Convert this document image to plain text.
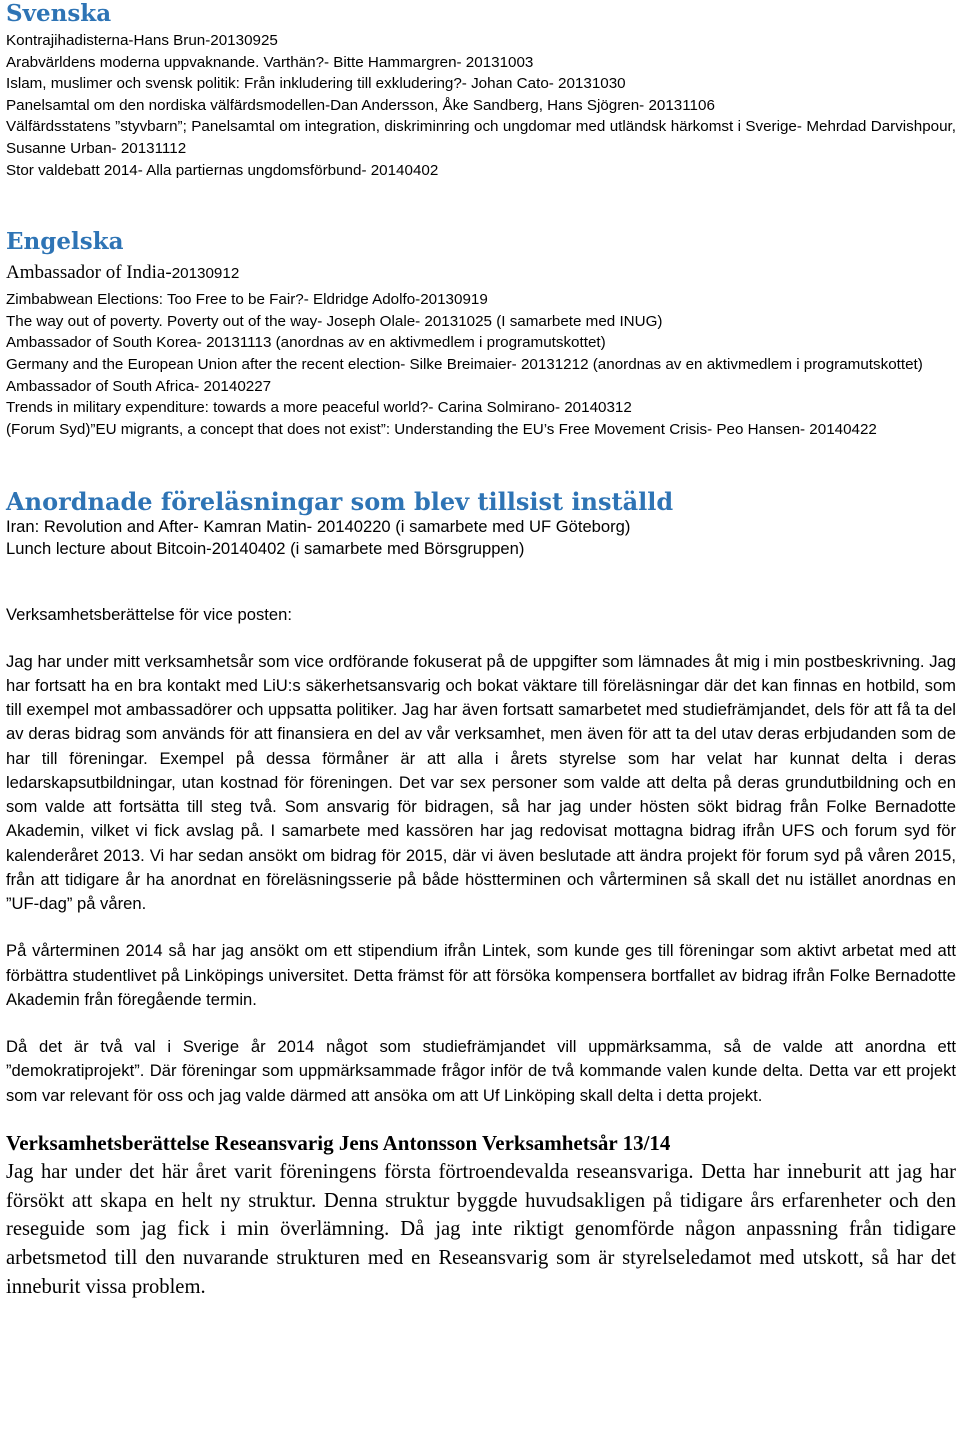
Svenska

Kontrajihadisterna-Hans Brun-20130925

Arabvärldens moderna uppvaknande. Varthän?- Bitte Hammargren- 20131003

Islam, muslimer och svensk politik: Från inkludering till exkludering?- Johan Cato- 20131030

Panelsamtal om den nordiska välfärdsmodellen-Dan Andersson, Åke Sandberg, Hans Sjögren- 20131106

Välfärdsstatens ”styvbarn”; Panelsamtal om integration, diskriminring och ungdomar med utländsk härkomst i Sverige- Mehrdad Darvishpour, Susanne Urban- 20131112

Stor valdebatt 2014- Alla partiernas ungdomsförbund- 20140402

Engelska

Ambassador of India-20130912

Zimbabwean Elections: Too Free to be Fair?- Eldridge Adolfo-20130919

The way out of poverty. Poverty out of the way- Joseph Olale- 20131025 (I samarbete med INUG)

Ambassador of South Korea- 20131113 (anordnas av en aktivmedlem i programutskottet)

Germany and the European Union after the recent election- Silke Breimaier- 20131212 (anordnas av en aktivmedlem i programutskottet)

Ambassador of South Africa- 20140227

Trends in military expenditure: towards a more peaceful world?- Carina Solmirano- 20140312

(Forum Syd)”EU migrants, a concept that does not exist”: Understanding the EU’s Free Movement Crisis- Peo Hansen- 20140422

Anordnade föreläsningar som blev tillsist inställd

Iran: Revolution and After- Kamran Matin- 20140220 (i samarbete med UF Göteborg)

Lunch lecture about Bitcoin-20140402 (i samarbete med Börsgruppen)

Verksamhetsberättelse för vice posten:

Jag har under mitt verksamhetsår som vice ordförande fokuserat på de uppgifter som lämnades åt mig i min postbeskrivning. Jag har fortsatt ha en bra kontakt med LiU:s säkerhetsansvarig och bokat väktare till föreläsningar där det kan finnas en hotbild, som till exempel mot ambassadörer och uppsatta politiker. Jag har även fortsatt samarbetet med studiefrämjandet, dels för att få ta del av deras bidrag som används för att finansiera en del av vår verksamhet, men även för att ta del utav deras erbjudanden som de har till föreningar. Exempel på dessa förmåner är att alla i årets styrelse som har velat har kunnat delta i deras ledarskapsutbildningar, utan kostnad för föreningen. Det var sex personer som valde att delta på deras grundutbildning och en som valde att fortsätta till steg två. Som ansvarig för bidragen, så har jag under hösten sökt bidrag från Folke Bernadotte Akademin, vilket vi fick avslag på. I samarbete med kassören har jag redovisat mottagna bidrag ifrån UFS och forum syd för kalenderåret 2013. Vi har sedan ansökt om bidrag för 2015, där vi även beslutade att ändra projekt för forum syd på våren 2015, från att tidigare år ha anordnat en föreläsningsserie på både höstterminen och vårterminen så skall det nu istället anordnas en ”UF-dag” på våren.

På vårterminen 2014 så har jag ansökt om ett stipendium ifrån Lintek, som kunde ges till föreningar som aktivt arbetat med att förbättra studentlivet på Linköpings universitet. Detta främst för att försöka kompensera bortfallet av bidrag ifrån Folke Bernadotte Akademin från föregående termin.

Då det är två val i Sverige år 2014 något som studiefrämjandet vill uppmärksamma, så de valde att anordna ett ”demokratiprojekt”. Där föreningar som uppmärksammade frågor inför de två kommande valen kunde delta. Detta var ett projekt som var relevant för oss och jag valde därmed att ansöka om att Uf Linköping skall delta i detta projekt.

Verksamhetsberättelse Reseansvarig Jens Antonsson Verksamhetsår 13/14

Jag har under det här året varit föreningens första förtroendevalda reseansvariga. Detta har inneburit att jag har försökt att skapa en helt ny struktur. Denna struktur byggde huvudsakligen på tidigare års erfarenheter och den reseguide som jag fick i min överlämning. Då jag inte riktigt genomförde någon anpassning från tidigare arbetsmetod till den nuvarande strukturen med en Reseansvarig som är styrelseledamot med utskott, så har det inneburit vissa problem.
